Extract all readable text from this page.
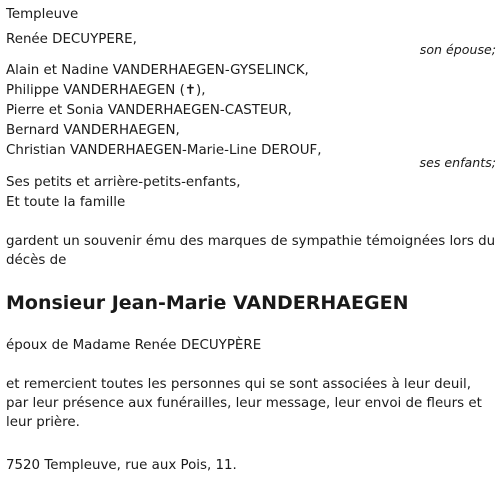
Templeuve
Renée DECUYPERE,
son épouse;
Alain et Nadine VANDERHAEGEN-GYSELINCK,
Philippe VANDERHAEGEN (✝),
Pierre et Sonia VANDERHAEGEN-CASTEUR,
Bernard VANDERHAEGEN,
Christian VANDERHAEGEN-Marie-Line DEROUF,
ses enfants;
Ses petits et arrière-petits-enfants,
Et toute la famille
gardent un souvenir ému des marques de sympathie témoignées lors du décès de
Monsieur Jean-Marie VANDERHAEGEN
époux de Madame Renée DECUYPÈRE
et remercient toutes les personnes qui se sont associées à leur deuil, par leur présence aux funérailles, leur message, leur envoi de fleurs et leur prière.
7520 Templeuve, rue aux Pois, 11.
